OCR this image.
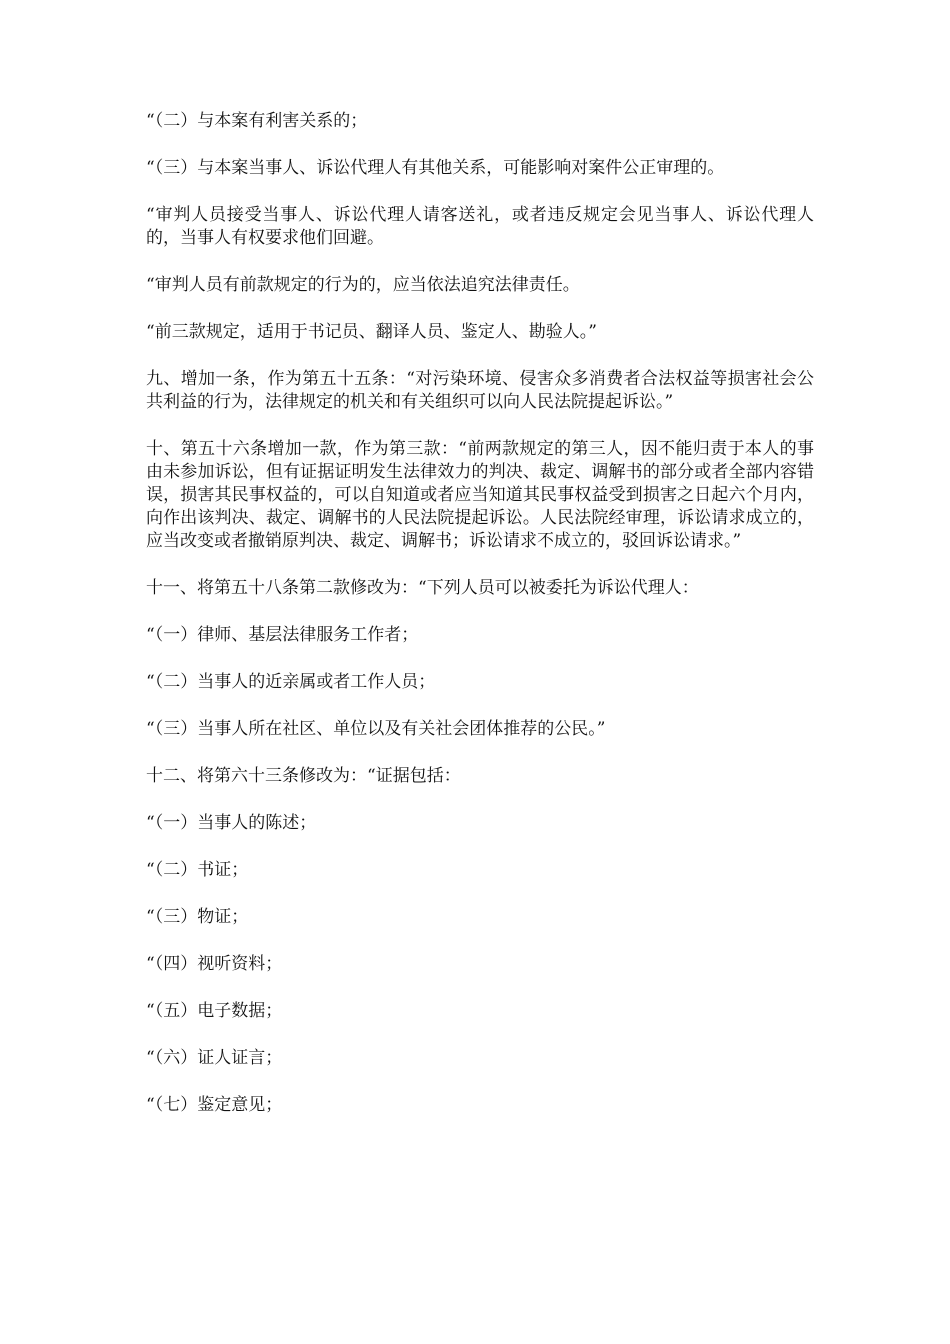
“（二）与本案有利害关系的；

“（三）与本案当事人、诉讼代理人有其他关系，可能影响对案件公正审理的。

“审判人员接受当事人、诉讼代理人请客送礼，或者违反规定会见当事人、诉讼代理人的，当事人有权要求他们回避。

“审判人员有前款规定的行为的，应当依法追究法律责任。

“前三款规定，适用于书记员、翻译人员、鉴定人、勘验人。”

九、增加一条，作为第五十五条：“对污染环境、侵害众多消费者合法权益等损害社会公共利益的行为，法律规定的机关和有关组织可以向人民法院提起诉讼。”

十、第五十六条增加一款，作为第三款：“前两款规定的第三人，因不能归责于本人的事由未参加诉讼，但有证据证明发生法律效力的判决、裁定、调解书的部分或者全部内容错误，损害其民事权益的，可以自知道或者应当知道其民事权益受到损害之日起六个月内，向作出该判决、裁定、调解书的人民法院提起诉讼。人民法院经审理，诉讼请求成立的，应当改变或者撤销原判决、裁定、调解书；诉讼请求不成立的，驳回诉讼请求。”

十一、将第五十八条第二款修改为：“下列人员可以被委托为诉讼代理人：

“（一）律师、基层法律服务工作者；

“（二）当事人的近亲属或者工作人员；

“（三）当事人所在社区、单位以及有关社会团体推荐的公民。”

十二、将第六十三条修改为：“证据包括：

“（一）当事人的陈述；

“（二）书证；

“（三）物证；

“（四）视听资料；

“（五）电子数据；

“（六）证人证言；

“（七）鉴定意见；
